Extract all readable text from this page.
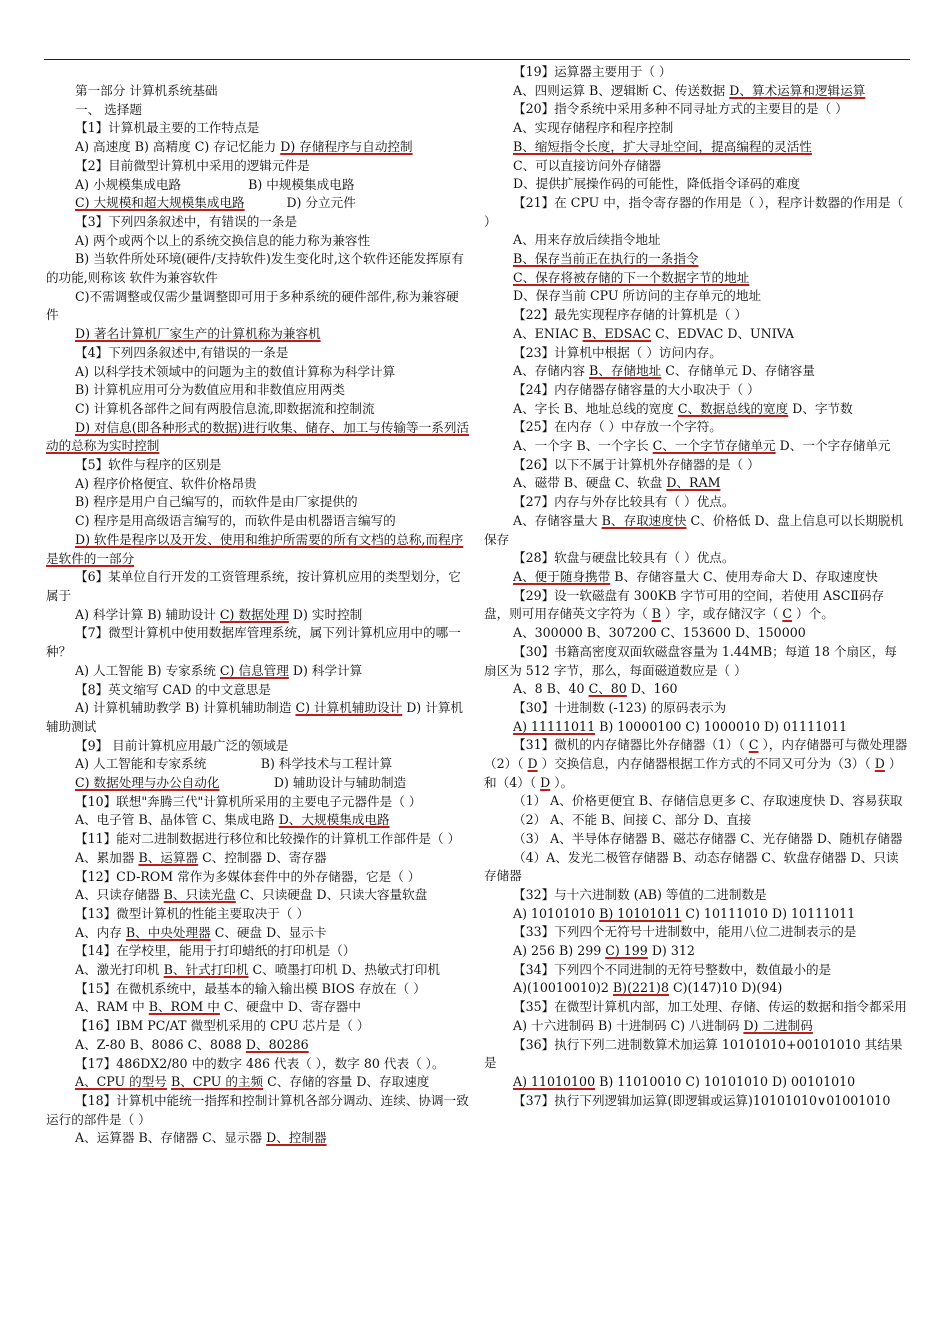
第一部分 计算机系统基础

一、 选择题

【1】计算机最主要的工作特点是

A) 高速度 B) 高精度 C) 存记忆能力 D) 存储程序与自动控制

【2】目前微型计算机中采用的逻辑元件是

A) 小规模集成电路　　　　　 B) 中规模集成电路

C) 大规模和超大规模集成电路　　　 D) 分立元件

【3】下列四条叙述中，有错误的一条是

A) 两个或两个以上的系统交换信息的能力称为兼容性

B) 当软件所处环境(硬件/支持软件)发生变化时,这个软件还能发挥原有的功能,则称该 软件为兼容软件

C)不需调整或仅需少量调整即可用于多种系统的硬件部件,称为兼容硬件

D) 著名计算机厂家生产的计算机称为兼容机

【4】下列四条叙述中,有错误的一条是

A) 以科学技术领域中的问题为主的数值计算称为科学计算

B) 计算机应用可分为数值应用和非数值应用两类

C) 计算机各部件之间有两股信息流,即数据流和控制流

D) 对信息(即各种形式的数据)进行收集、储存、加工与传输等一系列活动的总称为实时控制

【5】软件与程序的区别是

A) 程序价格便宜、软件价格昂贵

B) 程序是用户自己编写的，而软件是由厂家提供的

C) 程序是用高级语言编写的，而软件是由机器语言编写的

D) 软件是程序以及开发、使用和维护所需要的所有文档的总称,而程序是软件的一部分

【6】某单位自行开发的工资管理系统，按计算机应用的类型划分，它属于

A) 科学计算 B) 辅助设计 C) 数据处理 D) 实时控制

【7】微型计算机中使用数据库管理系统，属下列计算机应用中的哪一种？

A) 人工智能 B) 专家系统 C) 信息管理 D) 科学计算

【8】英文缩写 CAD 的中文意思是

A) 计算机辅助教学 B) 计算机辅助制造 C) 计算机辅助设计 D) 计算机辅助测试

【9】 目前计算机应用最广泛的领域是

A) 人工智能和专家系统　　　　 B) 科学技术与工程计算

C) 数据处理与办公自动化　　　　 D) 辅助设计与辅助制造

【10】联想"奔腾三代"计算机所采用的主要电子元器件是（ ）

A、电子管 B、晶体管 C、集成电路 D、大规模集成电路

【11】能对二进制数据进行移位和比较操作的计算机工作部件是（ ）

A、累加器 B、运算器 C、控制器 D、寄存器

【12】CD-ROM 常作为多媒体套件中的外存储器，它是（ ）

A、只读存储器 B、只读光盘 C、只读硬盘 D、只读大容量软盘

【13】微型计算机的性能主要取决于（ ）

A、内存 B、中央处理器 C、硬盘 D、显示卡

【14】在学校里，能用于打印蜡纸的打印机是（）

A、激光打印机 B、针式打印机 C、喷墨打印机 D、热敏式打印机

【15】在微机系统中，最基本的输入输出模 BIOS 存放在（ ）

A、RAM 中 B、ROM 中 C、硬盘中 D、寄存器中

【16】IBM PC/AT 微型机采用的 CPU 芯片是（ ）

A、Z-80 B、8086 C、8088 D、80286

【17】486DX2/80 中的数字 486 代表（ ），数字 80 代表（ ）。

A、CPU 的型号 B、CPU 的主频 C、存储的容量 D、存取速度

【18】计算机中能统一指挥和控制计算机各部分调动、连续、协调一致运行的部件是（ ）

A、运算器 B、存储器 C、显示器 D、控制器

【19】运算器主要用于（ ）

A、四则运算 B、逻辑断 C、传送数据 D、算术运算和逻辑运算

【20】指令系统中采用多种不同寻址方式的主要目的是（ ）

A、实现存储程序和程序控制

B、缩短指令长度，扩大寻址空间，提高编程的灵活性

C、可以直接访问外存储器

D、提供扩展操作码的可能性，降低指令译码的难度

【21】在 CPU 中，指令寄存器的作用是（ ），程序计数器的作用是（ ）

A、用来存放后续指令地址

B、保存当前正在执行的一条指令

C、保存将被存储的下一个数据字节的地址

D、保存当前 CPU 所访问的主存单元的地址

【22】最先实现程序存储的计算机是（ ）

A、ENIAC B、EDSAC C、EDVAC D、UNIVA

【23】计算机中根据（ ）访问内存。

A、存储内容 B、存储地址 C、存储单元 D、存储容量

【24】内存储器存储容量的大小取决于（ ）

A、字长 B、地址总线的宽度 C、数据总线的宽度 D、字节数

【25】在内存（ ）中存放一个字符。

A、一个字 B、一个字长 C、一个字节存储单元 D、一个字存储单元

【26】以下不属于计算机外存储器的是（ ）

A、磁带 B、硬盘 C、软盘 D、RAM

【27】内存与外存比较具有（ ）优点。

A、存储容量大 B、存取速度快 C、价格低 D、盘上信息可以长期脱机保存

【28】软盘与硬盘比较具有（ ）优点。

A、便于随身携带 B、存储容量大 C、使用寿命大 D、存取速度快

【29】设一软磁盘有 300KB 字节可用的空间，若使用 ASCⅡ码存盘，则可用存储英文字符为（ B ）字，或存储汉字（ C ）个。

A、300000 B、307200 C、153600 D、150000

【30】书籍高密度双面软磁盘容量为 1.44MB；每道 18 个扇区，每扇区为 512 字节，那么，每面磁道数应是（ ）

A、8 B、40 C、80 D、160

【30】十进制数 (-123) 的原码表示为

A) 11111011 B) 10000100 C) 1000010 D) 01111011

【31】微机的内存储器比外存储器（1）（ C ），内存储器可与微处理器（2）（ D ）交换信息，内存储器根据工作方式的不同又可分为（3）（ D ）和（4）（ D ）。

（1） A、价格更便宜 B、存储信息更多 C、存取速度快 D、容易获取

（2） A、不能 B、间接 C、部分 D、直接

（3） A、半导体存储器 B、磁芯存储器 C、光存储器 D、随机存储器

（4）A、发光二极管存储器 B、动态存储器 C、软盘存储器 D、只读存储器

【32】与十六进制数 (AB) 等值的二进制数是

A) 10101010 B) 10101011 C) 10111010 D) 10111011

【33】下列四个无符号十进制数中，能用八位二进制表示的是

A) 256 B) 299 C) 199 D) 312

【34】下列四个不同进制的无符号整数中，数值最小的是

A)(10010010)2 B)(221)8 C)(147)10 D)(94)

【35】在微型计算机内部，加工处理、存储、传运的数据和指令都采用

A) 十六进制码 B) 十进制码 C) 八进制码 D) 二进制码

【36】执行下列二进制数算术加运算 10101010+00101010 其结果是

A) 11010100 B) 11010010 C) 10101010 D) 00101010

【37】执行下列逻辑加运算(即逻辑或运算)10101010∨01001010
